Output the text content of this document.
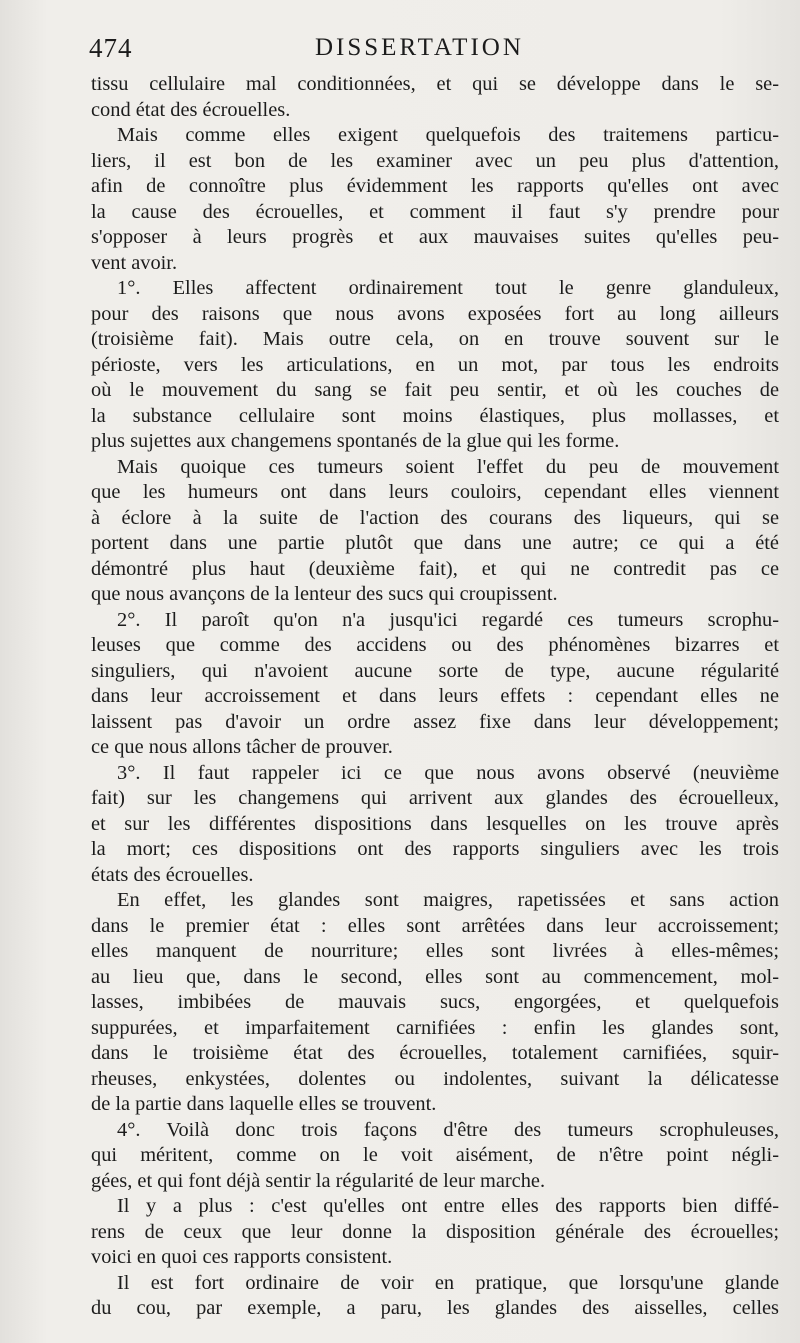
474	DISSERTATION

tissu cellulaire mal conditionnées, et qui se développe dans le se-

cond état des écrouelles.

Mais comme elles exigent quelquefois des traitemens particu-

liers, il est bon de les examiner avec un peu plus d'attention,

afin de connoître plus évidemment les rapports qu'elles ont avec

la cause des écrouelles, et comment il faut s'y prendre pour

s'opposer à leurs progrès et aux mauvaises suites qu'elles peu-

vent avoir.

1°. Elles affectent ordinairement tout le genre glanduleux,

pour des raisons que nous avons exposées fort au long ailleurs

(troisième fait). Mais outre cela, on en trouve souvent sur le

périoste, vers les articulations, en un mot, par tous les endroits

où le mouvement du sang se fait peu sentir, et où les couches de

la substance cellulaire sont moins élastiques, plus mollasses, et

plus sujettes aux changemens spontanés de la glue qui les forme.

Mais quoique ces tumeurs soient l'effet du peu de mouvement

que les humeurs ont dans leurs couloirs, cependant elles viennent

à éclore à la suite de l'action des courans des liqueurs, qui se

portent dans une partie plutôt que dans une autre; ce qui a été

démontré plus haut (deuxième fait), et qui ne contredit pas ce

que nous avançons de la lenteur des sucs qui croupissent.

2°. Il paroît qu'on n'a jusqu'ici regardé ces tumeurs scrophu-

leuses que comme des accidens ou des phénomènes bizarres et

singuliers, qui n'avoient aucune sorte de type, aucune régularité

dans leur accroissement et dans leurs effets : cependant elles ne

laissent pas d'avoir un ordre assez fixe dans leur développement;

ce que nous allons tâcher de prouver.

3°. Il faut rappeler ici ce que nous avons observé (neuvième

fait) sur les changemens qui arrivent aux glandes des écrouelleux,

et sur les différentes dispositions dans lesquelles on les trouve après

la mort; ces dispositions ont des rapports singuliers avec les trois

états des écrouelles.

En effet, les glandes sont maigres, rapetissées et sans action

dans le premier état : elles sont arrêtées dans leur accroissement;

elles manquent de nourriture; elles sont livrées à elles-mêmes;

au lieu que, dans le second, elles sont au commencement, mol-

lasses, imbibées de mauvais sucs, engorgées, et quelquefois

suppurées, et imparfaitement carnifiées : enfin les glandes sont,

dans le troisième état des écrouelles, totalement carnifiées, squir-

rheuses, enkystées, dolentes ou indolentes, suivant la délicatesse

de la partie dans laquelle elles se trouvent.

4°. Voilà donc trois façons d'être des tumeurs scrophuleuses,

qui méritent, comme on le voit aisément, de n'être point négli-

gées, et qui font déjà sentir la régularité de leur marche.

Il y a plus : c'est qu'elles ont entre elles des rapports bien diffé-

rens de ceux que leur donne la disposition générale des écrouelles;

voici en quoi ces rapports consistent.

Il est fort ordinaire de voir en pratique, que lorsqu'une glande

du cou, par exemple, a paru, les glandes des aisselles, celles
